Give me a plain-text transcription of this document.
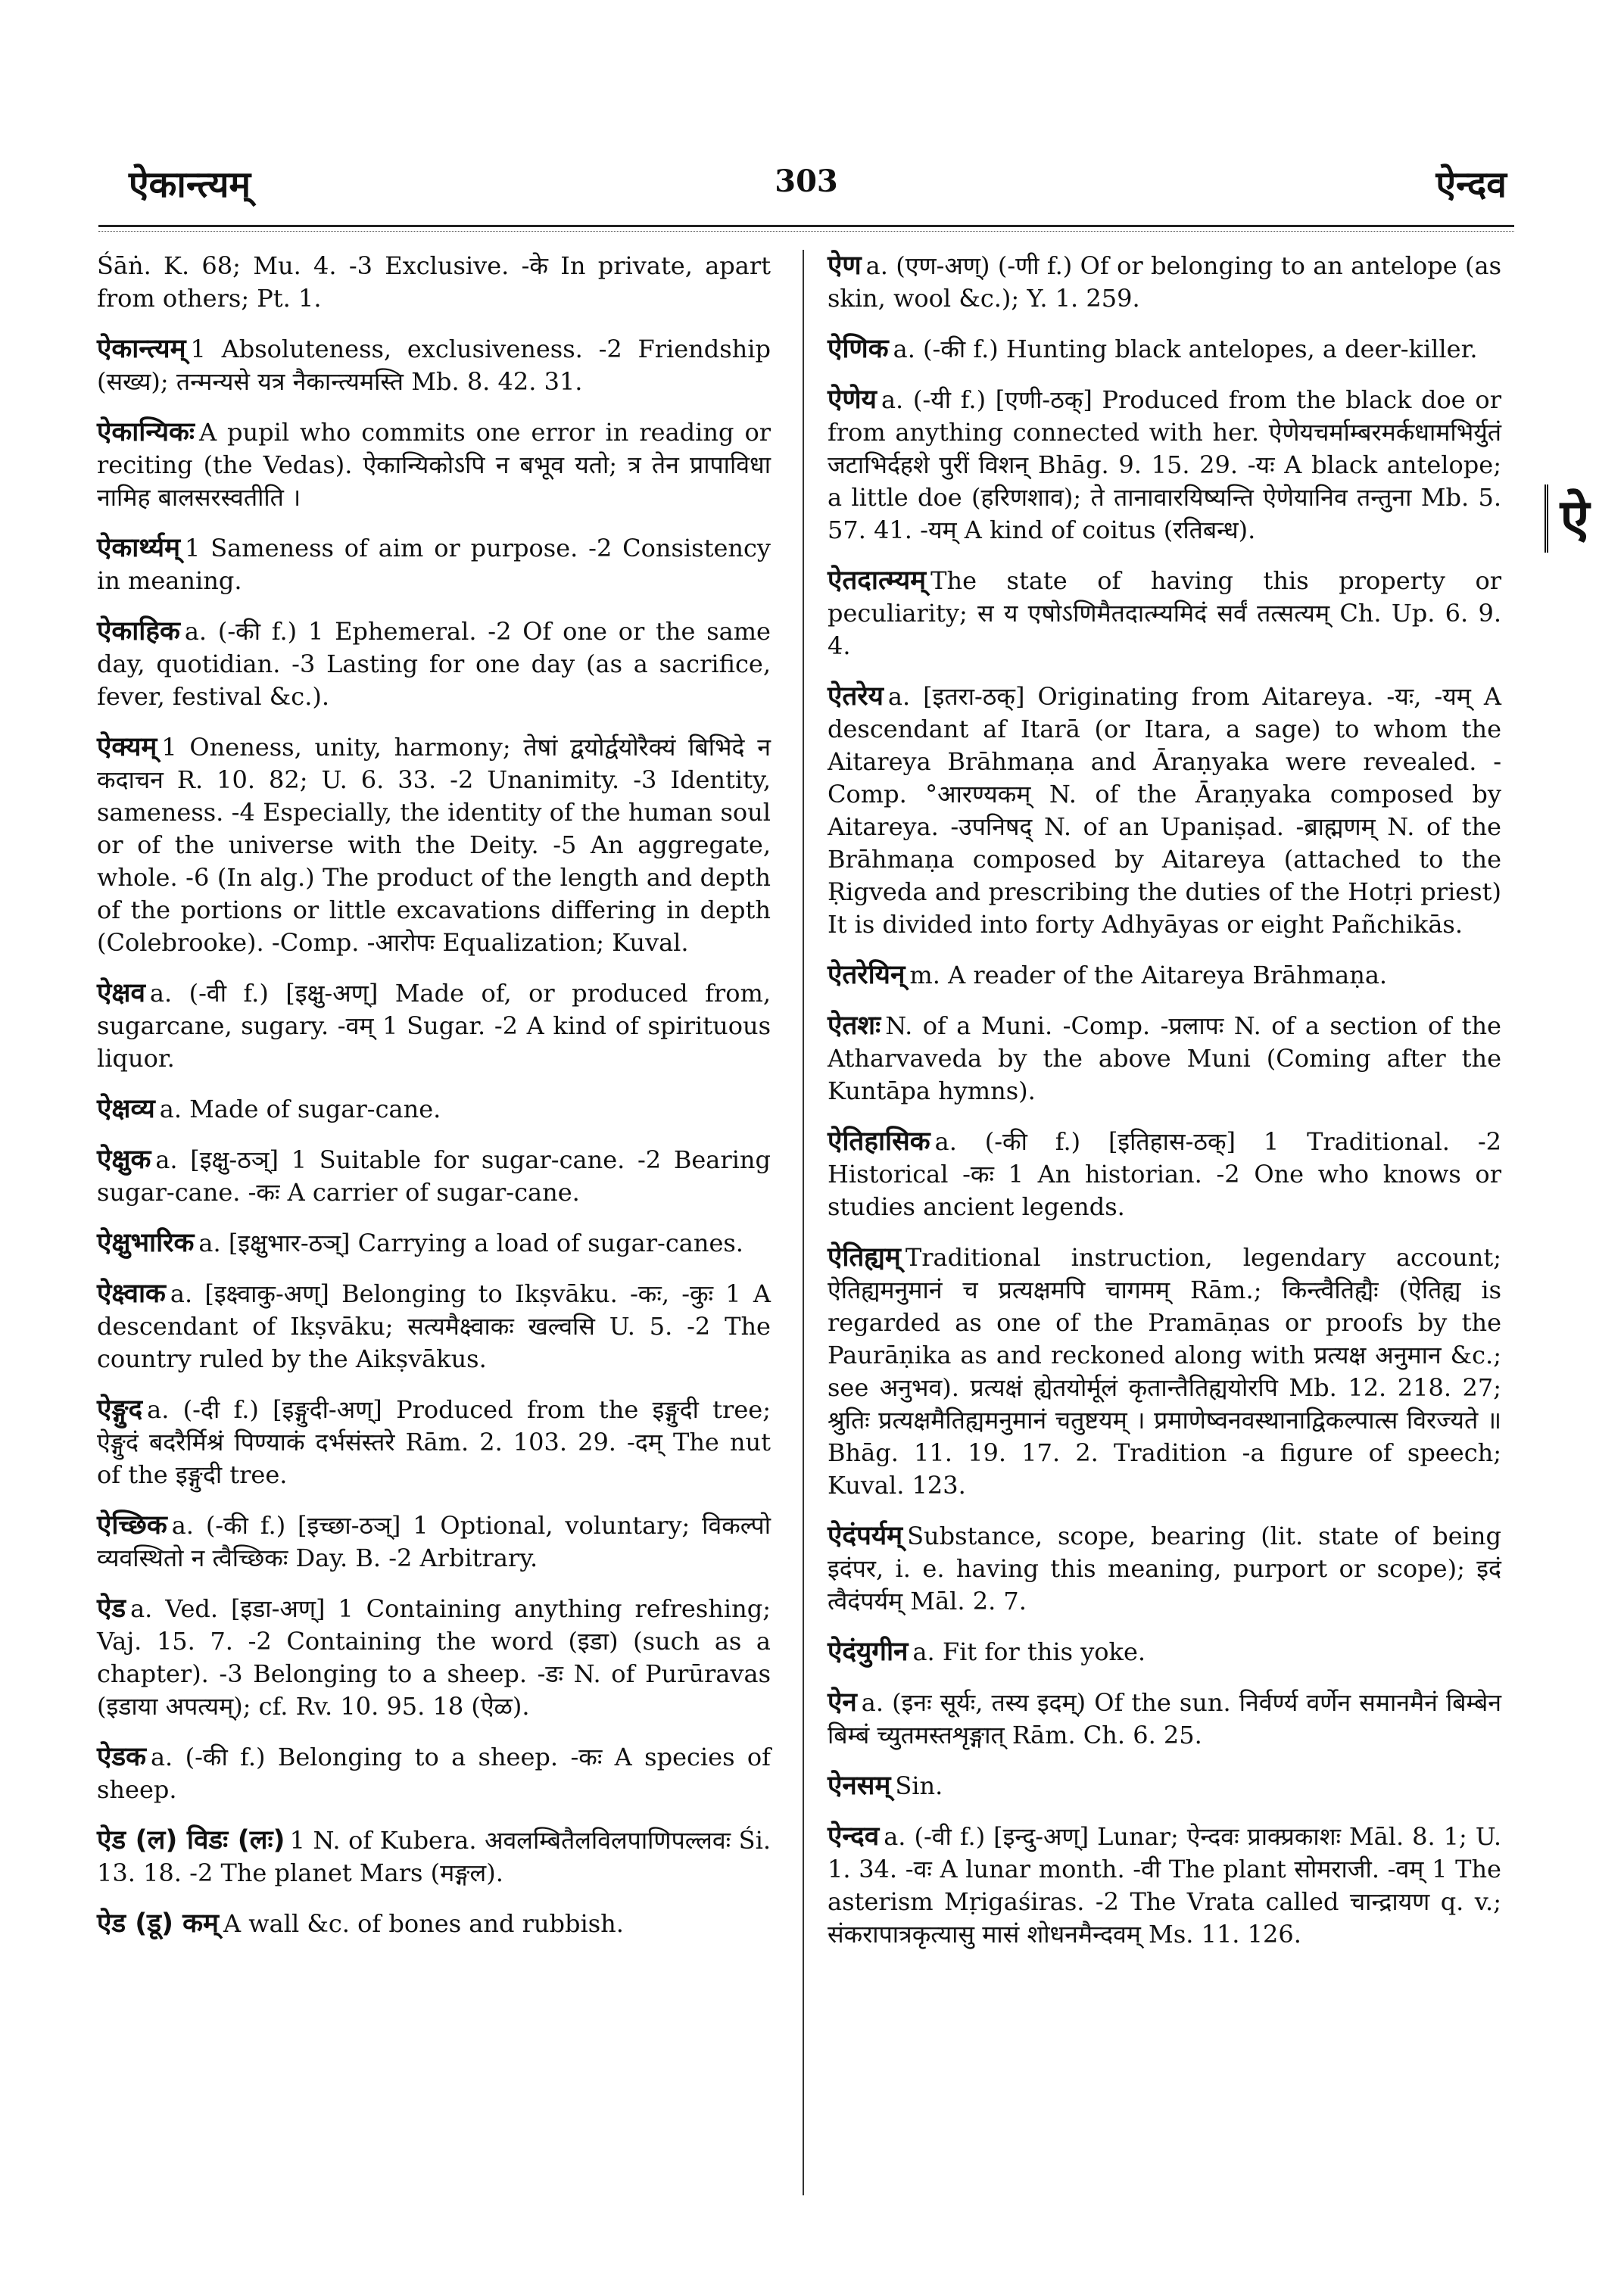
ऐकान्त्यम्	303	ऐन्दव

Śāṅ. K. 68; Mu. 4. -3 Exclusive. -के In private, apart from others; Pt. 1.

ऐकान्त्यम् 1 Absoluteness, exclusiveness. -2 Friendship (सख्य); तन्मन्यसे यत्र नैकान्त्यमस्ति Mb. 8. 42. 31.

ऐकान्यिकः A pupil who commits one error in reading or reciting (the Vedas). ऐकान्यिकोऽपि न बभूव यतो; त्र तेन प्रापाविधा नामिह बालसरस्वतीति ।

ऐकार्थ्यम् 1 Sameness of aim or purpose. -2 Consistency in meaning.

ऐकाहिक a. (-की f.) 1 Ephemeral. -2 Of one or the same day, quotidian. -3 Lasting for one day (as a sacrifice, fever, festival &c.).

ऐक्यम् 1 Oneness, unity, harmony; तेषां द्वयोर्द्वयोरैक्यं बिभिदे न कदाचन R. 10. 82; U. 6. 33. -2 Unanimity. -3 Identity, sameness. -4 Especially, the identity of the human soul or of the universe with the Deity. -5 An aggregate, whole. -6 (In alg.) The product of the length and depth of the portions or little excavations differing in depth (Colebrooke). -Comp. -आरोपः Equalization; Kuval.

ऐक्षव a. (-वी f.) [इक्षु-अण्] Made of, or produced from, sugarcane, sugary. -वम् 1 Sugar. -2 A kind of spirituous liquor.

ऐक्षव्य a. Made of sugar-cane.

ऐक्षुक a. [इक्षु-ठञ्] 1 Suitable for sugar-cane. -2 Bearing sugar-cane. -कः A carrier of sugar-cane.

ऐक्षुभारिक a. [इक्षुभार-ठञ्] Carrying a load of sugar-canes.

ऐक्ष्वाक a. [इक्ष्वाकु-अण्] Belonging to Ikṣvāku. -कः, -कुः 1 A descendant of Ikṣvāku; सत्यमैक्ष्वाकः खल्वसि U. 5. -2 The country ruled by the Aikṣvākus.

ऐङ्गुद a. (-दी f.) [इङ्गुदी-अण्] Produced from the इङ्गुदी tree; ऐङ्गुदं बदरैर्मिश्रं पिण्याकं दर्भसंस्तरे Rām. 2. 103. 29. -दम् The nut of the इङ्गुदी tree.

ऐच्छिक a. (-की f.) [इच्छा-ठञ्] 1 Optional, voluntary; विकल्पो व्यवस्थितो न त्वैच्छिकः Day. B. -2 Arbitrary.

ऐड a. Ved. [इडा-अण्] 1 Containing anything refreshing; Vaj. 15. 7. -2 Containing the word (इडा) (such as a chapter). -3 Belonging to a sheep. -डः N. of Purūravas (इडाया अपत्यम्); cf. Rv. 10. 95. 18 (ऐळ).

ऐडक a. (-की f.) Belonging to a sheep. -कः A species of sheep.

ऐड (ल) विडः (लः) 1 N. of Kubera. अवलम्बितैलविलपाणिपल्लवः Śi. 13. 18. -2 The planet Mars (मङ्गल).

ऐड (डू) कम् A wall &c. of bones and rubbish.

ऐण a. (एण-अण्) (-णी f.) Of or belonging to an antelope (as skin, wool &c.); Y. 1. 259.

ऐणिक a. (-की f.) Hunting black antelopes, a deer-killer.

ऐणेय a. (-यी f.) [एणी-ठक्] Produced from the black doe or from anything connected with her. ऐणेयचर्माम्बरमर्कधामभिर्युतं जटाभिर्दहशे पुरीं विशन् Bhāg. 9. 15. 29. -यः A black antelope; a little doe (हरिणशाव); ते तानावारयिष्यन्ति ऐणेयानिव तन्तुना Mb. 5. 57. 41. -यम् A kind of coitus (रतिबन्ध).

ऐतदात्म्यम् The state of having this property or peculiarity; स य एषोऽणिमैतदात्म्यमिदं सर्वं तत्सत्यम् Ch. Up. 6. 9. 4.

ऐतरेय a. [इतरा-ठक्] Originating from Aitareya. -यः, -यम् A descendant af Itarā (or Itara, a sage) to whom the Aitareya Brāhmaṇa and Āraṇyaka were revealed. -Comp. °आरण्यकम् N. of the Āraṇyaka composed by Aitareya. -उपनिषद् N. of an Upaniṣad. -ब्राह्मणम् N. of the Brāhmaṇa composed by Aitareya (attached to the Ṛigveda and prescribing the duties of the Hotṛi priest) It is divided into forty Adhyāyas or eight Pañchikās.

ऐतरेयिन् m. A reader of the Aitareya Brāhmaṇa.

ऐतशः N. of a Muni. -Comp. -प्रलापः N. of a section of the Atharvaveda by the above Muni (Coming after the Kuntāpa hymns).

ऐतिहासिक a. (-की f.) [इतिहास-ठक्] 1 Traditional. -2 Historical -कः 1 An historian. -2 One who knows or studies ancient legends.

ऐतिह्यम् Traditional instruction, legendary account; ऐतिह्यमनुमानं च प्रत्यक्षमपि चागमम् Rām.; किन्त्वैतिह्यैः (ऐतिह्य is regarded as one of the Pramāṇas or proofs by the Paurāṇika as and reckoned along with प्रत्यक्ष अनुमान &c.; see अनुभव). प्रत्यक्षं ह्येतयोर्मूलं कृतान्तैतिह्ययोरपि Mb. 12. 218. 27; श्रुतिः प्रत्यक्षमैतिह्यमनुमानं चतुष्टयम् । प्रमाणेष्वनवस्थानाद्विकल्पात्स विरज्यते ॥ Bhāg. 11. 19. 17. 2. Tradition -a figure of speech; Kuval. 123.

ऐदंपर्यम् Substance, scope, bearing (lit. state of being इदंपर, i. e. having this meaning, purport or scope); इदं त्वैदंपर्यम् Māl. 2. 7.

ऐदंयुगीन a. Fit for this yoke.

ऐन a. (इनः सूर्यः, तस्य इदम्) Of the sun. निर्वर्ण्य वर्णेन समानमैनं बिम्बेन बिम्बं च्युतमस्तशृङ्गात् Rām. Ch. 6. 25.

ऐनसम् Sin.

ऐन्दव a. (-वी f.) [इन्दु-अण्] Lunar; ऐन्दवः प्राक्प्रकाशः Māl. 8. 1; U. 1. 34. -वः A lunar month. -वी The plant सोमराजी. -वम् 1 The asterism Mṛigaśiras. -2 The Vrata called चान्द्रायण q. v.; संकरापात्रकृत्यासु मासं शोधनमैन्दवम् Ms. 11. 126.

ऐ
